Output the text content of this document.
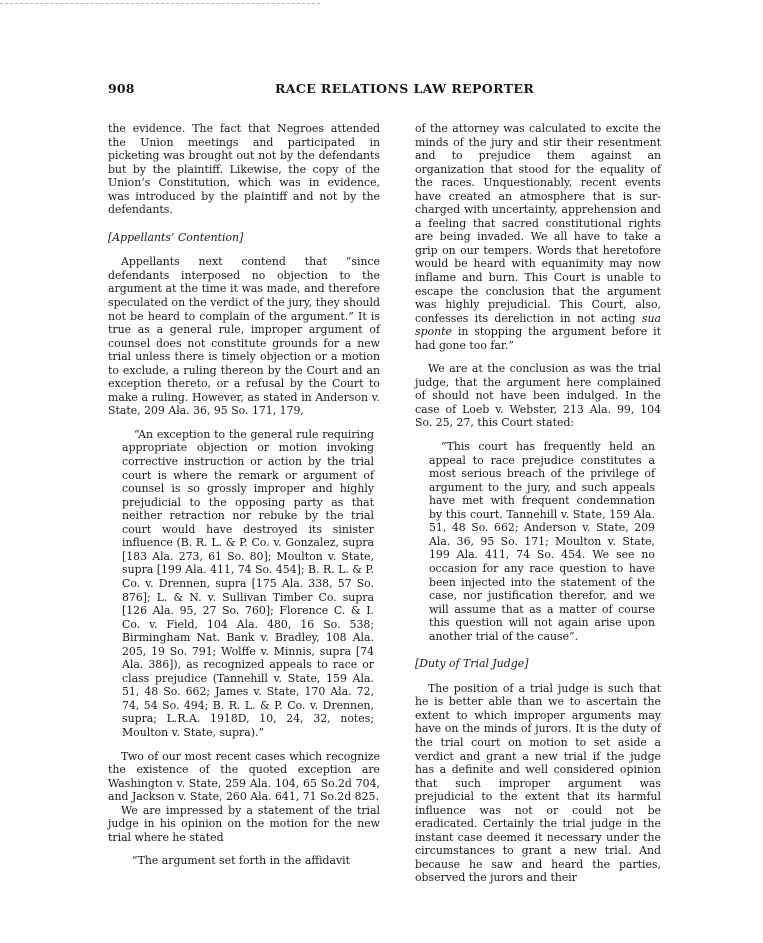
908	RACE RELATIONS LAW REPORTER

the evidence. The fact that Negroes attended the Union meetings and participated in picketing was brought out not by the defendants but by the plaintiff. Likewise, the copy of the Union’s Constitution, which was in evidence, was introduced by the plaintiff and not by the defendants.

[Appellants’ Contention]

Appellants next contend that “since defendants interposed no objection to the argument at the time it was made, and therefore speculated on the verdict of the jury, they should not be heard to complain of the argument.” It is true as a general rule, improper argument of counsel does not constitute grounds for a new trial unless there is timely objection or a motion to exclude, a ruling thereon by the Court and an exception thereto, or a refusal by the Court to make a ruling. However, as stated in Anderson v. State, 209 Ala. 36, 95 So. 171, 179,

“An exception to the general rule requiring appropriate objection or motion invoking corrective instruction or action by the trial court is where the remark or argument of counsel is so grossly improper and highly prejudicial to the opposing party as that neither retraction nor rebuke by the trial court would have destroyed its sinister influence (B. R. L. & P. Co. v. Gonzalez, supra [183 Ala. 273, 61 So. 80]; Moulton v. State, supra [199 Ala. 411, 74 So. 454]; B. R. L. & P. Co. v. Drennen, supra [175 Ala. 338, 57 So. 876]; L. & N. v. Sullivan Timber Co. supra [126 Ala. 95, 27 So. 760]; Florence C. & I. Co. v. Field, 104 Ala. 480, 16 So. 538; Birmingham Nat. Bank v. Bradley, 108 Ala. 205, 19 So. 791; Wolffe v. Minnis, supra [74 Ala. 386]), as recognized appeals to race or class prejudice (Tannehill v. State, 159 Ala. 51, 48 So. 662; James v. State, 170 Ala. 72, 74, 54 So. 494; B. R. L. & P. Co. v. Drennen, supra; L.R.A. 1918D, 10, 24, 32, notes; Moulton v. State, supra).”

Two of our most recent cases which recognize the existence of the quoted exception are Washington v. State, 259 Ala. 104, 65 So.2d 704, and Jackson v. State, 260 Ala. 641, 71 So.2d 825.

We are impressed by a statement of the trial judge in his opinion on the motion for the new trial where he stated

“The argument set forth in the affidavit

of the attorney was calculated to excite the minds of the jury and stir their resentment and to prejudice them against an organization that stood for the equality of the races. Unquestionably, recent events have created an atmosphere that is sur-charged with uncertainty, apprehension and a feeling that sacred constitutional rights are being invaded. We all have to take a grip on our tempers. Words that heretofore would be heard with equanimity may now inflame and burn. This Court is unable to escape the conclusion that the argument was highly prejudicial. This Court, also, confesses its dereliction in not acting sua sponte in stopping the argument before it had gone too far.”

We are at the conclusion as was the trial judge, that the argument here complained of should not have been indulged. In the case of Loeb v. Webster, 213 Ala. 99, 104 So. 25, 27, this Court stated:

“This court has frequently held an appeal to race prejudice constitutes a most serious breach of the privilege of argument to the jury, and such appeals have met with frequent condemnation by this court. Tannehill v. State, 159 Ala. 51, 48 So. 662; Anderson v. State, 209 Ala. 36, 95 So. 171; Moulton v. State, 199 Ala. 411, 74 So. 454. We see no occasion for any race question to have been injected into the statement of the case, nor justification therefor, and we will assume that as a matter of course this question will not again arise upon another trial of the cause”.

[Duty of Trial Judge]

The position of a trial judge is such that he is better able than we to ascertain the extent to which improper arguments may have on the minds of jurors. It is the duty of the trial court on motion to set aside a verdict and grant a new trial if the judge has a definite and well considered opinion that such improper argument was prejudicial to the extent that its harmful influence was not or could not be eradicated. Certainly the trial judge in the instant case deemed it necessary under the circumstances to grant a new trial. And because he saw and heard the parties, observed the jurors and their
